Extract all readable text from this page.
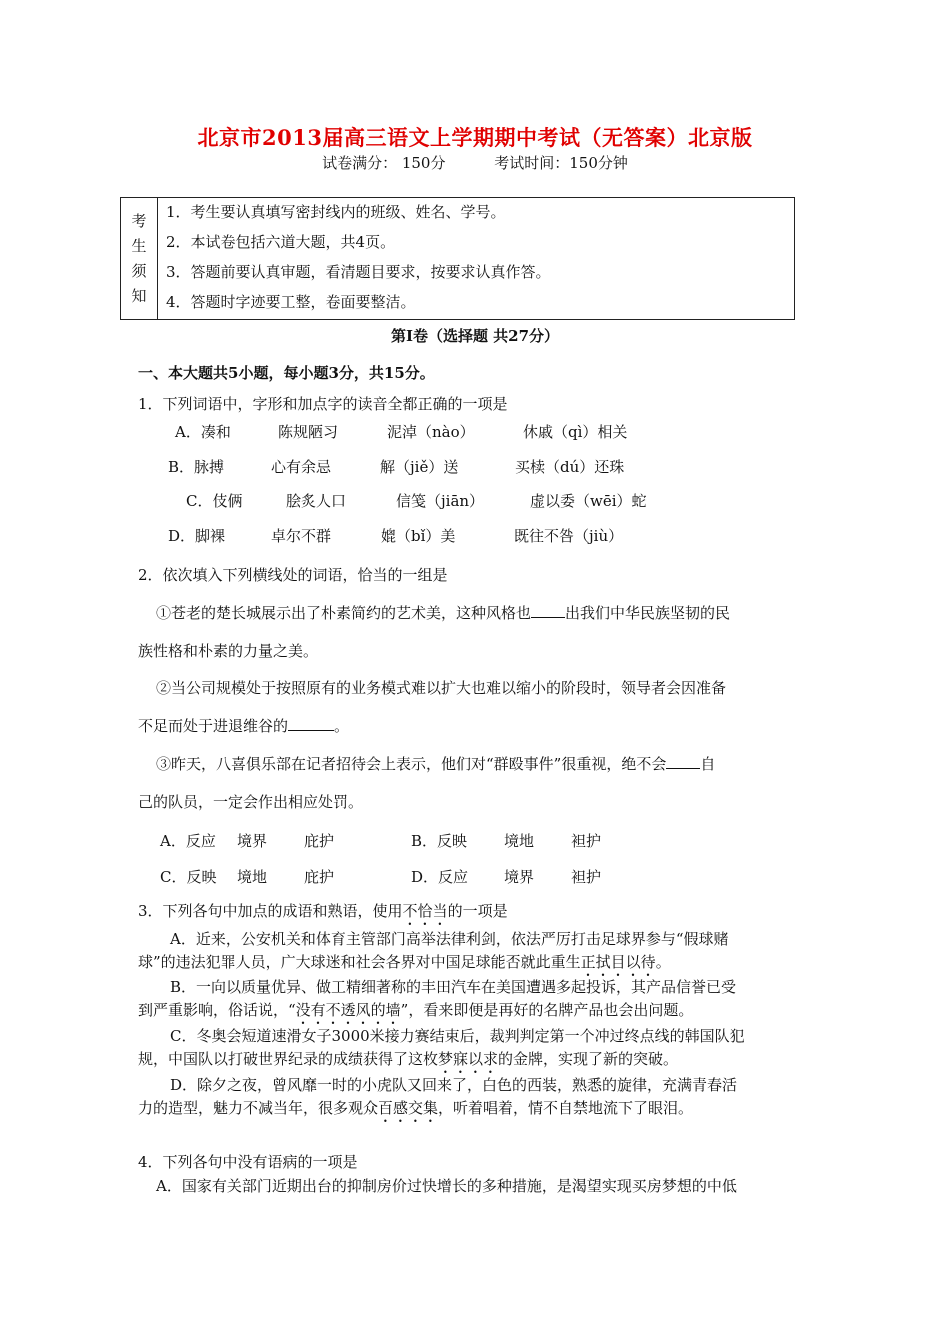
北京市2013届高三语文上学期期中考试（无答案）北京版
试卷满分： 150分	考试时间：150分钟
考
生
须
知
1．考生要认真填写密封线内的班级、姓名、学号。
2．本试卷包括六道大题，共4页。
3．答题前要认真审题，看清题目要求，按要求认真作答。
4．答题时字迹要工整，卷面要整洁。
第Ⅰ卷（选择题 共27分）
一、本大题共5小题，每小题3分，共15分。
1．下列词语中，字形和加点字的读音全都正确的一项是
A．凑和	陈规陋习	泥淖（nào）	休戚（qì）相关
B．脉搏	心有余忌	解（jiě）送	买椟（dú）还珠
C．伎俩	脍炙人口	信笺（jiān）	虚以委（wēi）蛇
D．脚裸	卓尔不群	媲（bǐ）美	既往不咎（jiù）
2．依次填入下列横线处的词语，恰当的一组是
①苍老的楚长城展示出了朴素简约的艺术美，这种风格也 出我们中华民族坚韧的民
族性格和朴素的力量之美。
②当公司规模处于按照原有的业务模式难以扩大也难以缩小的阶段时，领导者会因准备
不足而处于进退维谷的	。
③昨天，八喜俱乐部在记者招待会上表示，他们对“群殴事件”很重视，绝不会 自
己的队员，一定会作出相应处罚。
A．反应 境界 庇护	B．反映 境地 袒护
C．反映 境地 庇护	D．反应 境界 袒护
3．下列各句中加点的成语和熟语，使用不恰当的一项是
A．近来，公安机关和体育主管部门高举法律利剑，依法严厉打击足球界参与“假球赌
球”的违法犯罪人员，广大球迷和社会各界对中国足球能否就此重生正拭目以待。
B．一向以质量优异、做工精细著称的丰田汽车在美国遭遇多起投诉，其产品信誉已受
到严重影响，俗话说，“没有不透风的墙”，看来即便是再好的名牌产品也会出问题。
C．冬奥会短道速滑女子3000米接力赛结束后，裁判判定第一个冲过终点线的韩国队犯
规，中国队以打破世界纪录的成绩获得了这枚梦寐以求的金牌，实现了新的突破。
D．除夕之夜，曾风靡一时的小虎队又回来了，白色的西装，熟悉的旋律，充满青春活
力的造型，魅力不减当年，很多观众百感交集，听着唱着，情不自禁地流下了眼泪。
4．下列各句中没有语病的一项是
A．国家有关部门近期出台的抑制房价过快增长的多种措施，是渴望实现买房梦想的中低
